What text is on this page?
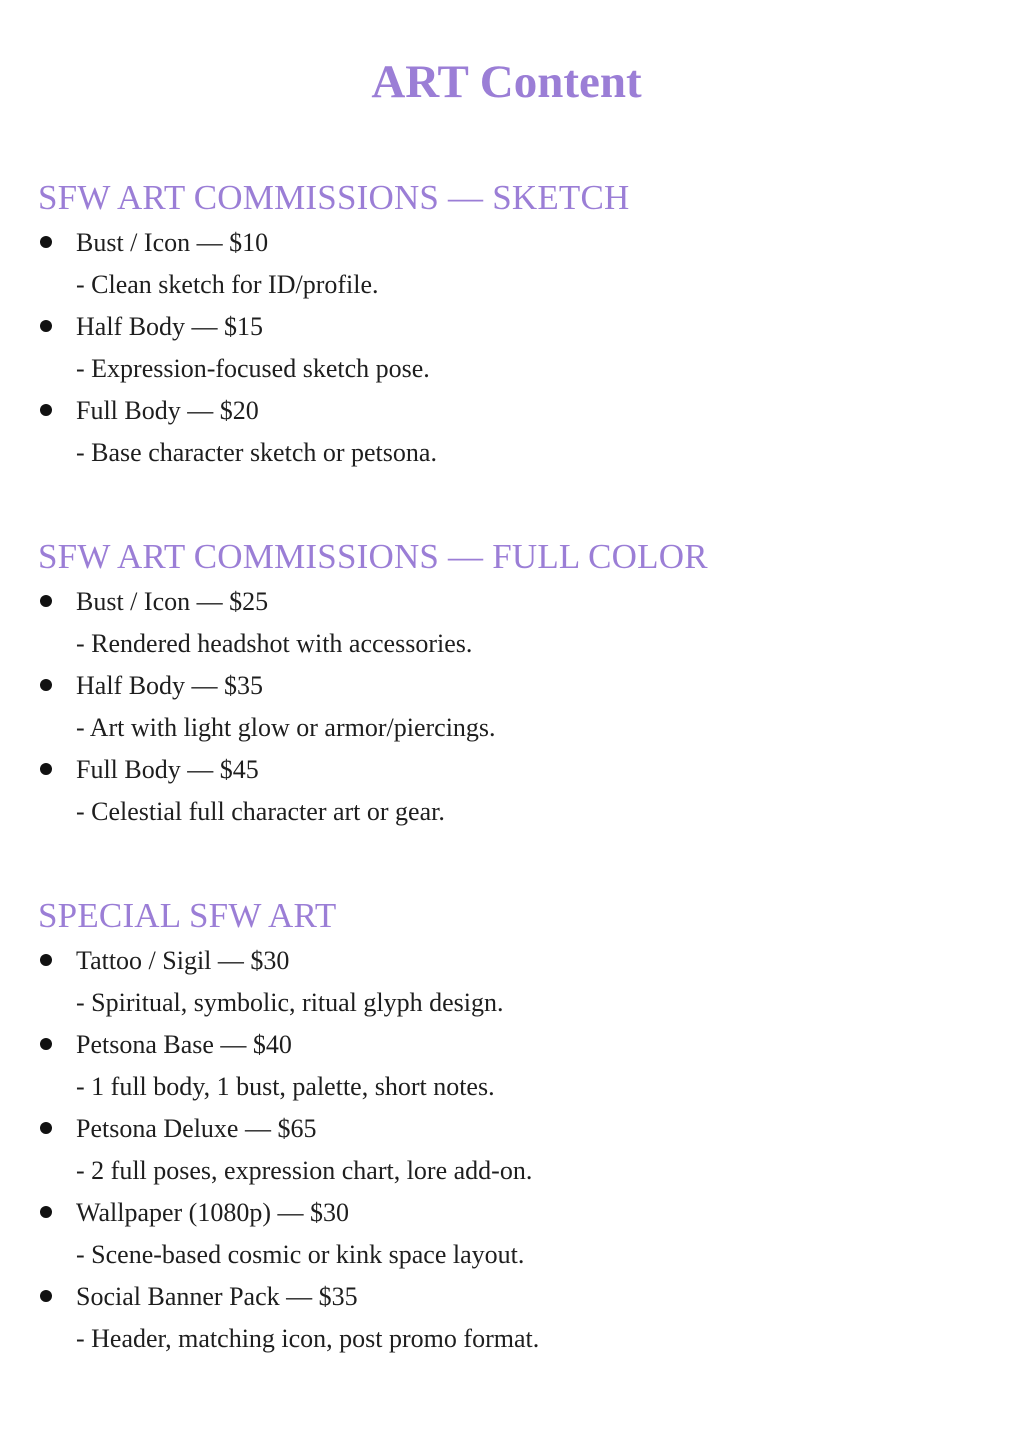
ART Content
SFW ART COMMISSIONS — SKETCH
Bust / Icon — $10
- Clean sketch for ID/profile.
Half Body — $15
- Expression-focused sketch pose.
Full Body — $20
- Base character sketch or petsona.
SFW ART COMMISSIONS — FULL COLOR
Bust / Icon — $25
- Rendered headshot with accessories.
Half Body — $35
- Art with light glow or armor/piercings.
Full Body — $45
- Celestial full character art or gear.
SPECIAL SFW ART
Tattoo / Sigil — $30
- Spiritual, symbolic, ritual glyph design.
Petsona Base — $40
- 1 full body, 1 bust, palette, short notes.
Petsona Deluxe — $65
- 2 full poses, expression chart, lore add-on.
Wallpaper (1080p) — $30
- Scene-based cosmic or kink space layout.
Social Banner Pack — $35
- Header, matching icon, post promo format.
